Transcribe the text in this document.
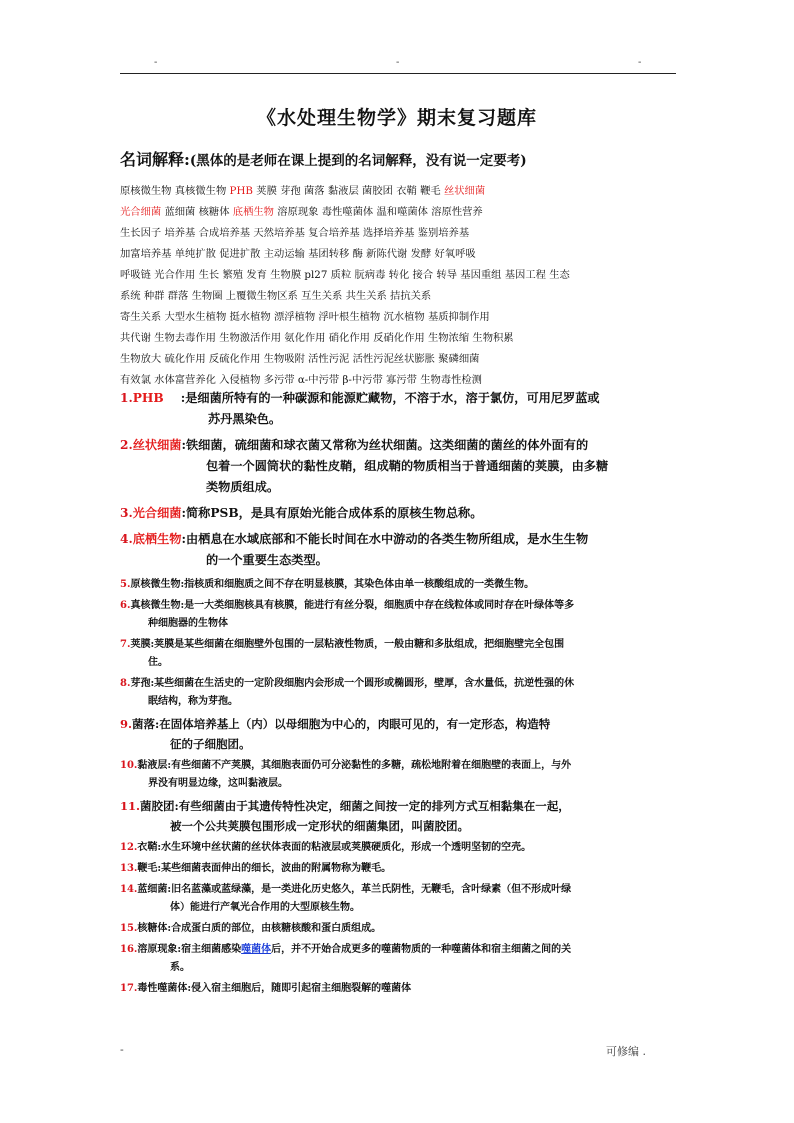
-	-	-
《水处理生物学》期末复习题库
名词解释:(黑体的是老师在课上提到的名词解释，没有说一定要考)
原核微生物 真核微生物 PHB 荚膜 芽孢 菌落 黏液层 菌胶团 衣鞘 鞭毛 丝状细菌
光合细菌 蓝细菌 核糖体 底栖生物 溶原现象 毒性噬菌体 温和噬菌体 溶原性营养
生长因子 培养基 合成培养基 天然培养基 复合培养基 选择培养基 鉴别培养基
加富培养基 单纯扩散 促进扩散 主动运输 基团转移 酶 新陈代谢 发酵 好氧呼吸
呼吸链 光合作用 生长 繁殖 发育 生物膜 pl27 质粒 朊病毒 转化 接合 转导 基因重组 基因工程 生态
系统 种群 群落 生物圈 上覆微生物区系 互生关系 共生关系 拮抗关系
寄生关系 大型水生植物 挺水植物 漂浮植物 浮叶根生植物 沉水植物 基质抑制作用
共代谢 生物去毒作用 生物激活作用 氨化作用 硝化作用 反硝化作用 生物浓缩 生物积累
生物放大 硫化作用 反硫化作用 生物吸附 活性污泥 活性污泥丝状膨胀 聚磷细菌
有效氯 水体富营养化 入侵植物 多污带 α-中污带 β-中污带 寡污带 生物毒性检测
1.PHB    :是细菌所特有的一种碳源和能源贮藏物，不溶于水，溶于氯仿，可用尼罗蓝或
苏丹黑染色。
2.丝状细菌:铁细菌，硫细菌和球衣菌又常称为丝状细菌。这类细菌的菌丝的体外面有的
包着一个圆筒状的黏性皮鞘，组成鞘的物质相当于普通细菌的荚膜，由多糖
类物质组成。
3.光合细菌:简称PSB，是具有原始光能合成体系的原核生物总称。
4.底栖生物:由栖息在水域底部和不能长时间在水中游动的各类生物所组成，是水生生物
的一个重要生态类型。
5.原核微生物:指核质和细胞质之间不存在明显核膜，其染色体由单一核酸组成的一类微生物。
6.真核微生物:是一大类细胞核具有核膜，能进行有丝分裂，细胞质中存在线粒体或同时存在叶绿体等多
种细胞器的生物体
7.荚膜:荚膜是某些细菌在细胞壁外包围的一层粘液性物质，一般由糖和多肽组成，把细胞壁完全包围
住。
8.芽孢:某些细菌在生活史的一定阶段细胞内会形成一个圆形或椭圆形，壁厚，含水量低，抗逆性强的休
眠结构，称为芽孢。
9.菌落:在固体培养基上（内）以母细胞为中心的，肉眼可见的，有一定形态，构造特
征的子细胞团。
10.黏液层:有些细菌不产荚膜，其细胞表面仍可分泌黏性的多糖，疏松地附着在细胞壁的表面上，与外
界没有明显边缘，这叫黏液层。
11.菌胶团:有些细菌由于其遗传特性决定，细菌之间按一定的排列方式互相黏集在一起，
被一个公共荚膜包围形成一定形状的细菌集团，叫菌胶团。
12.衣鞘:水生环境中丝状菌的丝状体表面的粘液层或荚膜硬质化，形成一个透明坚韧的空壳。
13.鞭毛:某些细菌表面伸出的细长，波曲的附属物称为鞭毛。
14.蓝细菌:旧名蓝藻或蓝绿藻，是一类进化历史悠久，革兰氏阴性，无鞭毛，含叶绿素（但不形成叶绿
体）能进行产氧光合作用的大型原核生物。
15.核糖体:合成蛋白质的部位，由核糖核酸和蛋白质组成。
16.溶原现象:宿主细菌感染噬菌体后，并不开始合成更多的噬菌物质的一种噬菌体和宿主细菌之间的关
系。
17.毒性噬菌体:侵入宿主细胞后，随即引起宿主细胞裂解的噬菌体
-	可修编 .
